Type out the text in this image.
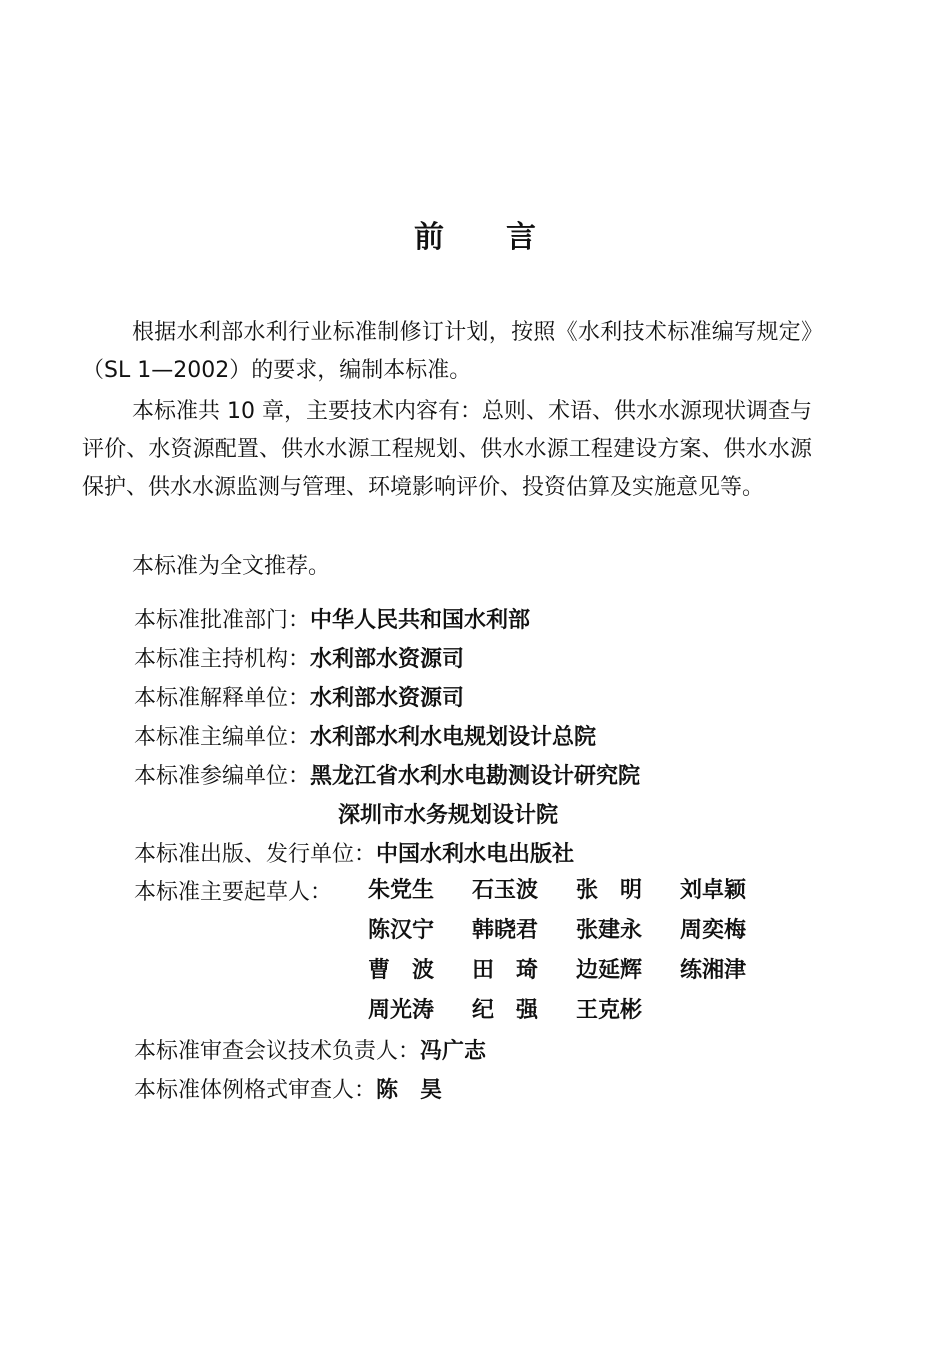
前 言
根据水利部水利行业标准制修订计划，按照《水利技术标准编写规定》（SL 1—2002）的要求，编制本标准。
本标准共 10 章，主要技术内容有：总则、术语、供水水源现状调查与评价、水资源配置、供水水源工程规划、供水水源工程建设方案、供水水源保护、供水水源监测与管理、环境影响评价、投资估算及实施意见等。
本标准为全文推荐。
本标准批准部门：中华人民共和国水利部
本标准主持机构：水利部水资源司
本标准解释单位：水利部水资源司
本标准主编单位：水利部水利水电规划设计总院
本标准参编单位：黑龙江省水利水电勘测设计研究院
深圳市水务规划设计院
本标准出版、发行单位：中国水利水电出版社
本标准主要起草人： 朱党生	石玉波	张　明	刘卓颖
陈汉宁	韩晓君	张建永	周奕梅
曹　波	田　琦	边延辉	练湘津
周光涛	纪　强	王克彬
本标准审查会议技术负责人：冯广志
本标准体例格式审查人：陈　昊
